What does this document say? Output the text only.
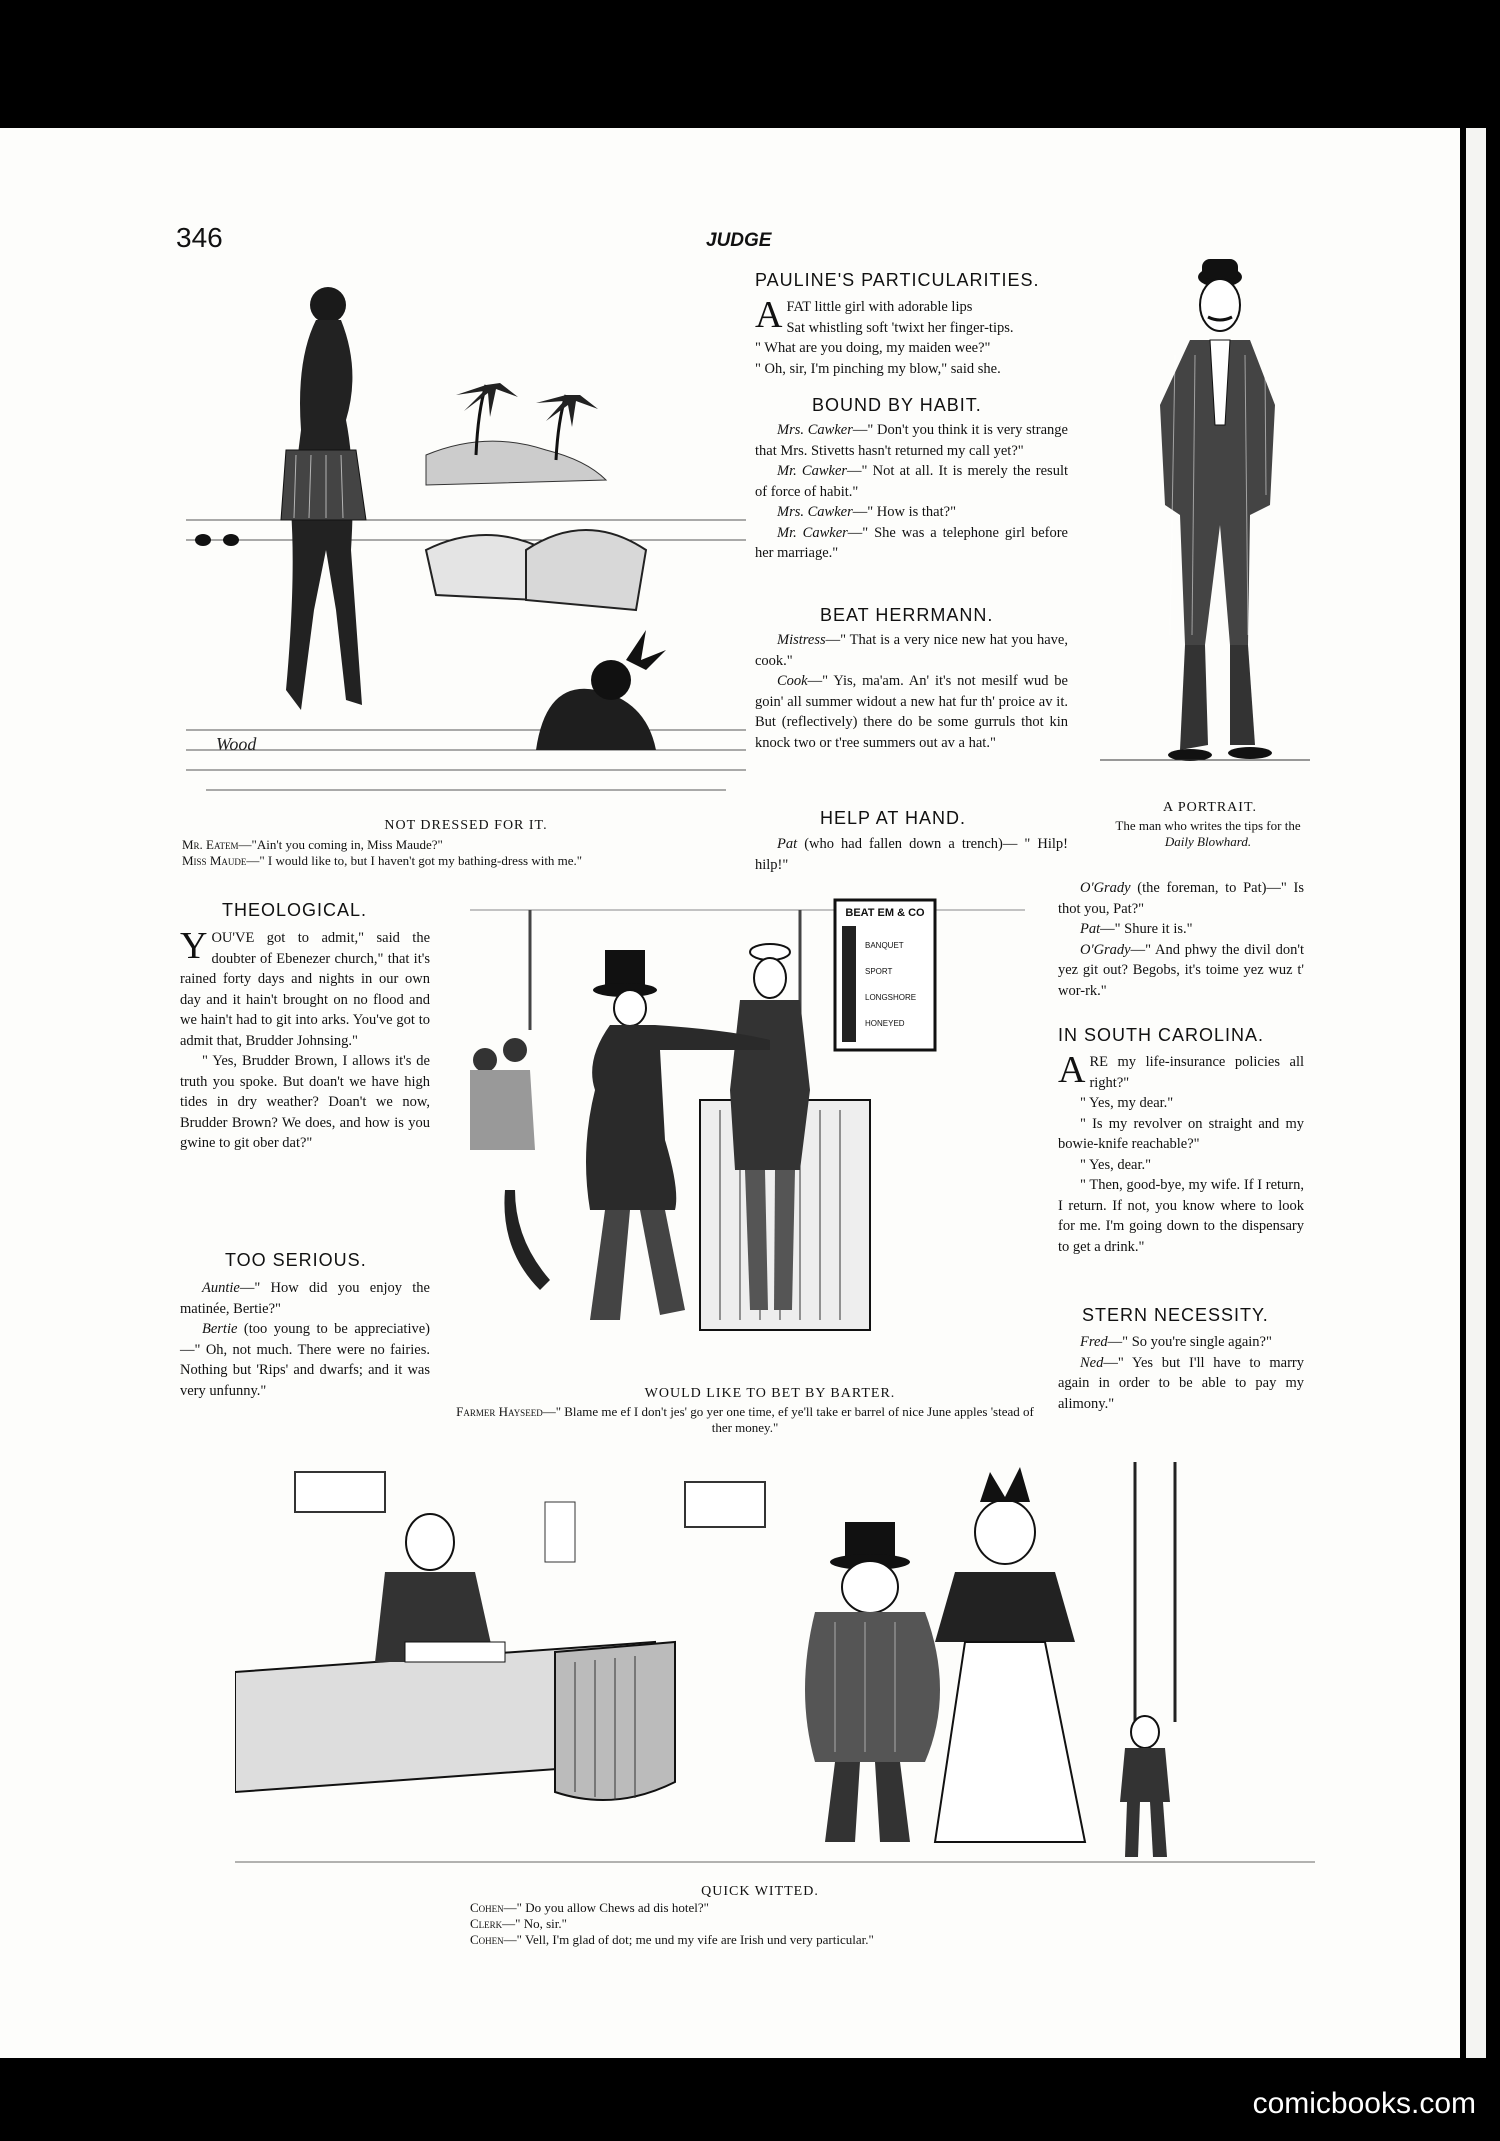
346	JUDGE
Wood
NOT DRESSED FOR IT.
Mr. Eatem—"Ain't you coming in, Miss Maude?"
Miss Maude—" I would like to, but I haven't got my bathing-dress with me."
PAULINE'S PARTICULARITIES.
A FAT little girl with adorable lips
Sat whistling soft 'twixt her finger-tips.
" What are you doing, my maiden wee?"
" Oh, sir, I'm pinching my blow," said she.
BOUND BY HABIT.

Mrs. Cawker—" Don't you think it is very strange that Mrs. Stivetts hasn't returned my call yet?"

Mr. Cawker—" Not at all. It is merely the result of force of habit."

Mrs. Cawker—" How is that?"

Mr. Cawker—" She was a telephone girl before her marriage."

BEAT HERRMANN.

Mistress—" That is a very nice new hat you have, cook."

Cook—" Yis, ma'am. An' it's not mesilf wud be goin' all summer widout a new hat fur th' proice av it. But (reflectively) there do be some gurruls thot kin knock two or t'ree summers out av a hat."

HELP AT HAND.

Pat (who had fallen down a trench)— " Hilp! hilp!"

A PORTRAIT.
The man who writes the tips for the Daily Blowhard.
THEOLOGICAL.
YOU'VE got to admit," said the doubter of Ebenezer church," that it's rained forty days and nights in our own day and it hain't brought on no flood and we hain't had to git into arks. You've got to admit that, Brudder Johnsing."

" Yes, Brudder Brown, I allows it's de truth you spoke. But doan't we have high tides in dry weather? Doan't we now, Brudder Brown? We does, and how is you gwine to git ober dat?"

TOO SERIOUS.

Auntie—" How did you enjoy the matinée, Bertie?"

Bertie (too young to be appreciative)—" Oh, not much. There were no fairies. Nothing but 'Rips' and dwarfs; and it was very unfunny."

BEAT EM & CO
BANQUET
SPORT
LONGSHORE
HONEYED
WOULD LIKE TO BET BY BARTER.
Farmer Hayseed—" Blame me ef I don't jes' go yer one time, ef ye'll take er barrel of nice June apples 'stead of ther money."

O'Grady (the foreman, to Pat)—" Is thot you, Pat?"

Pat—" Shure it is."

O'Grady—" And phwy the divil don't yez git out? Begobs, it's toime yez wuz t' wor-rk."

IN SOUTH CAROLINA.
ARE my life-insurance policies all right?"

" Yes, my dear."

" Is my revolver on straight and my bowie-knife reachable?"

" Yes, dear."

" Then, good-bye, my wife. If I return, I return. If not, you know where to look for me. I'm going down to the dispensary to get a drink."

STERN NECESSITY.

Fred—" So you're single again?"

Ned—" Yes but I'll have to marry again in order to be able to pay my alimony."

QUICK WITTED.
Cohen—" Do you allow Chews ad dis hotel?"
Clerk—" No, sir."
Cohen—" Vell, I'm glad of dot; me und my vife are Irish und very particular."
comicbooks.com
